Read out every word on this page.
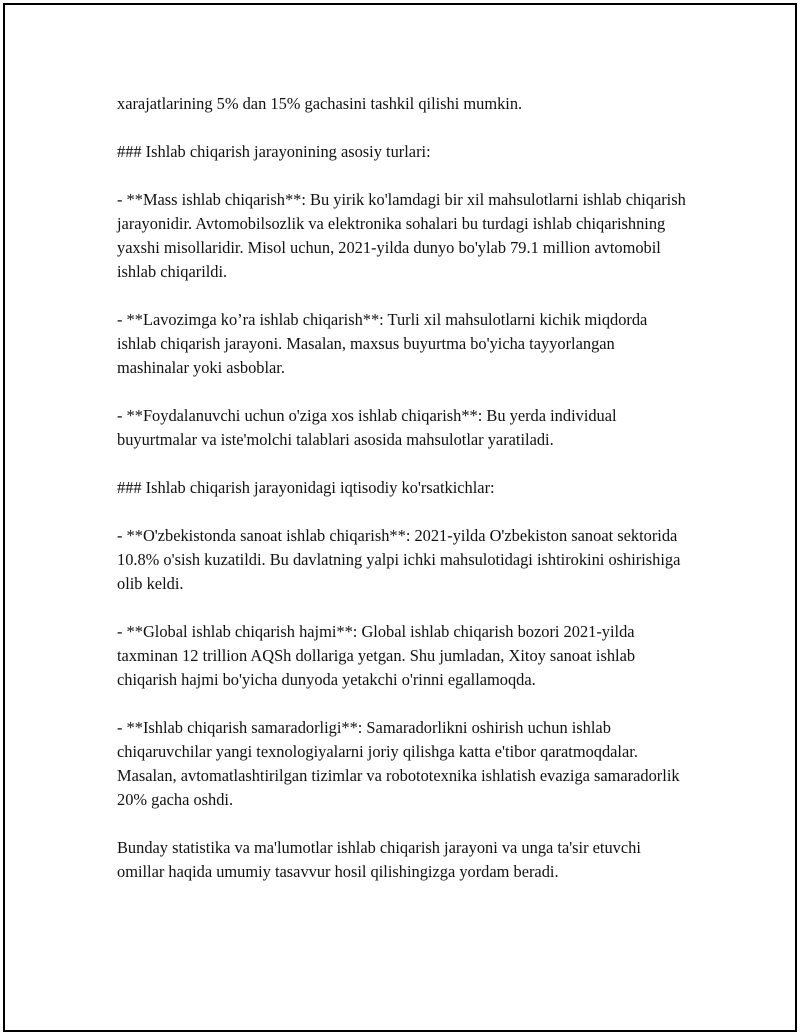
xarajatlarining 5% dan 15% gachasini tashkil qilishi mumkin.

### Ishlab chiqarish jarayonining asosiy turlari:

- **Mass ishlab chiqarish**: Bu yirik ko'lamdagi bir xil mahsulotlarni ishlab chiqarish jarayonidir. Avtomobilsozlik va elektronika sohalari bu turdagi ishlab chiqarishning yaxshi misollaridir. Misol uchun, 2021-yilda dunyo bo'ylab 79.1 million avtomobil ishlab chiqarildi.

- **Lavozimga ko’ra ishlab chiqarish**: Turli xil mahsulotlarni kichik miqdorda ishlab chiqarish jarayoni. Masalan, maxsus buyurtma bo'yicha tayyorlangan mashinalar yoki asboblar.

- **Foydalanuvchi uchun o'ziga xos ishlab chiqarish**: Bu yerda individual buyurtmalar va iste'molchi talablari asosida mahsulotlar yaratiladi.

### Ishlab chiqarish jarayonidagi iqtisodiy ko'rsatkichlar:

- **O'zbekistonda sanoat ishlab chiqarish**: 2021-yilda O'zbekiston sanoat sektorida 10.8% o'sish kuzatildi. Bu davlatning yalpi ichki mahsulotidagi ishtirokini oshirishiga olib keldi.

- **Global ishlab chiqarish hajmi**: Global ishlab chiqarish bozori 2021-yilda taxminan 12 trillion AQSh dollariga yetgan. Shu jumladan, Xitoy sanoat ishlab chiqarish hajmi bo'yicha dunyoda yetakchi o'rinni egallamoqda.

- **Ishlab chiqarish samaradorligi**: Samaradorlikni oshirish uchun ishlab chiqaruvchilar yangi texnologiyalarni joriy qilishga katta e'tibor qaratmoqdalar. Masalan, avtomatlashtirilgan tizimlar va robototexnika ishlatish evaziga samaradorlik 20% gacha oshdi.

Bunday statistika va ma'lumotlar ishlab chiqarish jarayoni va unga ta'sir etuvchi omillar haqida umumiy tasavvur hosil qilishingizga yordam beradi.
